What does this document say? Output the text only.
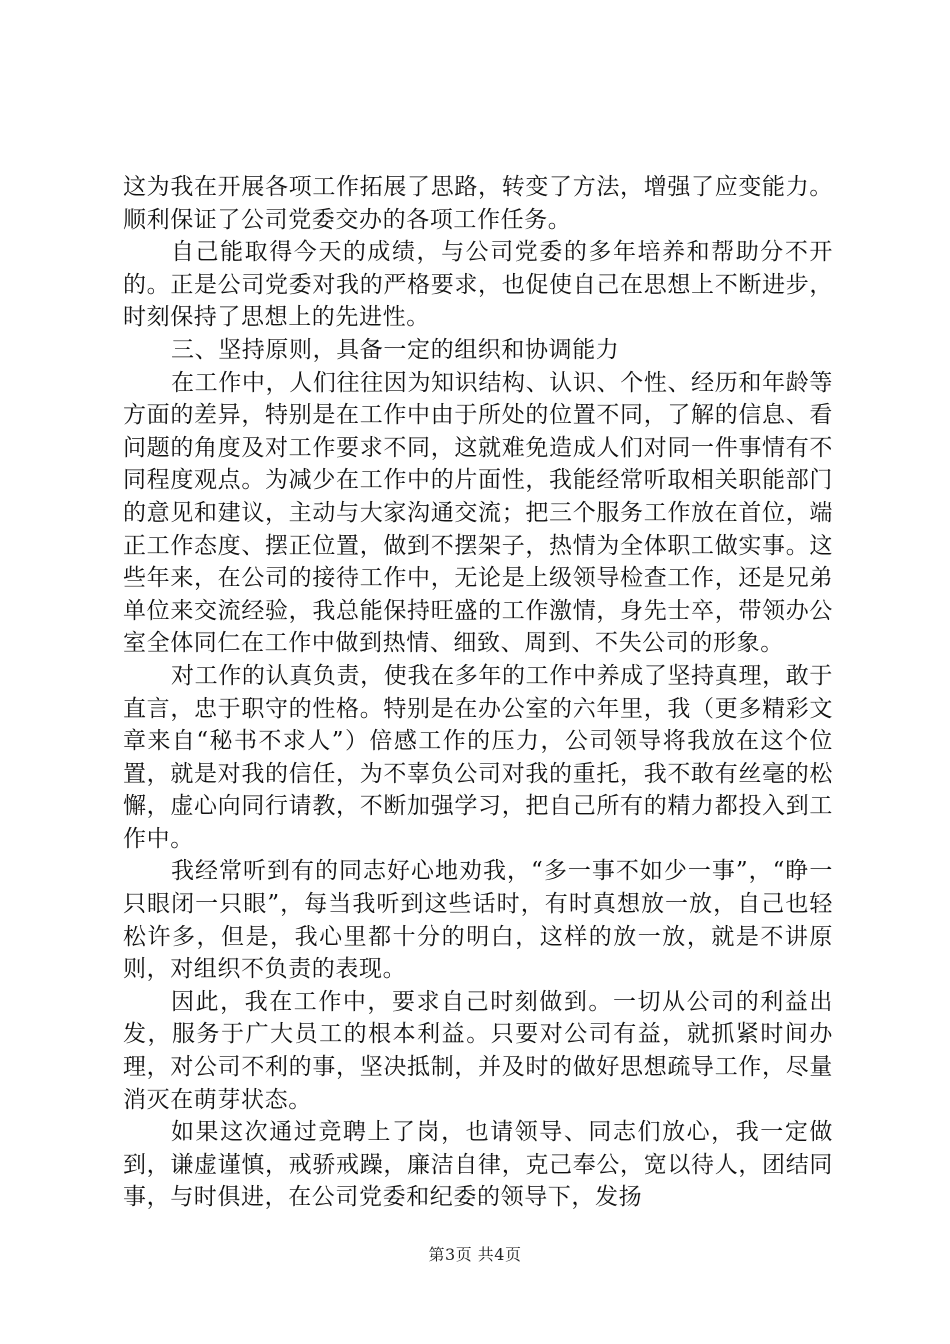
这为我在开展各项工作拓展了思路，转变了方法，增强了应变能力。顺利保证了公司党委交办的各项工作任务。

自己能取得今天的成绩，与公司党委的多年培养和帮助分不开的。正是公司党委对我的严格要求，也促使自己在思想上不断进步，时刻保持了思想上的先进性。

三、坚持原则，具备一定的组织和协调能力

在工作中，人们往往因为知识结构、认识、个性、经历和年龄等方面的差异，特别是在工作中由于所处的位置不同，了解的信息、看问题的角度及对工作要求不同，这就难免造成人们对同一件事情有不同程度观点。为减少在工作中的片面性，我能经常听取相关职能部门的意见和建议，主动与大家沟通交流；把三个服务工作放在首位，端正工作态度、摆正位置，做到不摆架子，热情为全体职工做实事。这些年来，在公司的接待工作中，无论是上级领导检查工作，还是兄弟单位来交流经验，我总能保持旺盛的工作激情，身先士卒，带领办公室全体同仁在工作中做到热情、细致、周到、不失公司的形象。

对工作的认真负责，使我在多年的工作中养成了坚持真理，敢于直言，忠于职守的性格。特别是在办公室的六年里，我（更多精彩文章来自“秘书不求人”）倍感工作的压力，公司领导将我放在这个位置，就是对我的信任，为不辜负公司对我的重托，我不敢有丝毫的松懈，虚心向同行请教，不断加强学习，把自己所有的精力都投入到工作中。

我经常听到有的同志好心地劝我，“多一事不如少一事”，“睁一只眼闭一只眼”，每当我听到这些话时，有时真想放一放，自己也轻松许多，但是，我心里都十分的明白，这样的放一放，就是不讲原则，对组织不负责的表现。

因此，我在工作中，要求自己时刻做到。一切从公司的利益出发，服务于广大员工的根本利益。只要对公司有益，就抓紧时间办理，对公司不利的事，坚决抵制，并及时的做好思想疏导工作，尽量消灭在萌芽状态。

如果这次通过竞聘上了岗，也请领导、同志们放心，我一定做到，谦虚谨慎，戒骄戒躁，廉洁自律，克己奉公，宽以待人，团结同事，与时俱进，在公司党委和纪委的领导下，发扬

第3页 共4页
